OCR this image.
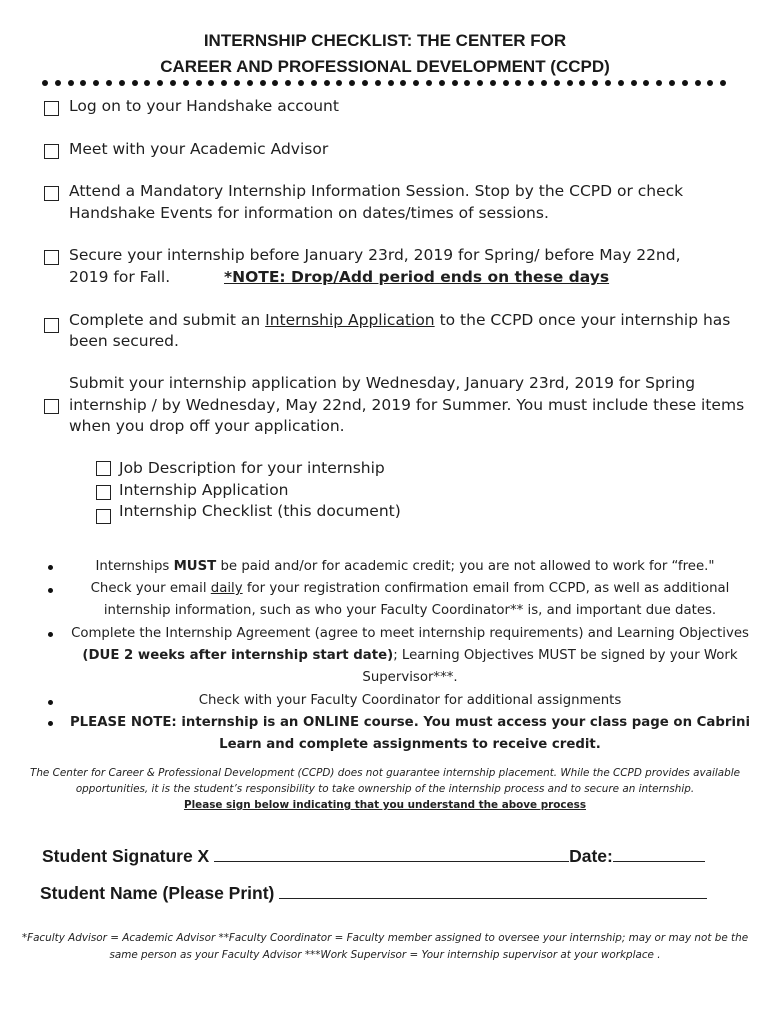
INTERNSHIP CHECKLIST: THE CENTER FOR
CAREER AND PROFESSIONAL DEVELOPMENT (CCPD)
Log on to your Handshake account
Meet with your Academic Advisor
Attend a Mandatory Internship Information Session. Stop by the CCPD or check
Handshake Events for information on dates/times of sessions.
Secure your internship before January 23rd, 2019 for Spring/ before May 22nd,
2019 for Fall.	*NOTE: Drop/Add period ends on these days
Complete and submit an Internship Application to the CCPD once your internship has
been secured.
Submit your internship application by Wednesday, January 23rd, 2019 for Spring
internship / by Wednesday, May 22nd, 2019 for Summer. You must include these items
when you drop off your application.
Job Description for your internship
Internship Application
Internship Checklist (this document)
Internships MUST be paid and/or for academic credit; you are not allowed to work for “free."
Check your email daily for your registration confirmation email from CCPD, as well as additional
internship information, such as who your Faculty Coordinator** is, and important due dates.
Complete the Internship Agreement (agree to meet internship requirements) and Learning Objectives
(DUE 2 weeks after internship start date); Learning Objectives MUST be signed by your Work
Supervisor***.
Check with your Faculty Coordinator for additional assignments
PLEASE NOTE: internship is an ONLINE course. You must access your class page on Cabrini
Learn and complete assignments to receive credit.
The Center for Career & Professional Development (CCPD) does not guarantee internship placement. While the CCPD provides available
opportunities, it is the student’s responsibility to take ownership of the internship process and to secure an internship.
Please sign below indicating that you understand the above process
Student Signature X	Date:
Student Name (Please Print)
*Faculty Advisor = Academic Advisor **Faculty Coordinator = Faculty member assigned to oversee your internship; may or may not be the
same person as your Faculty Advisor ***Work Supervisor = Your internship supervisor at your workplace .
